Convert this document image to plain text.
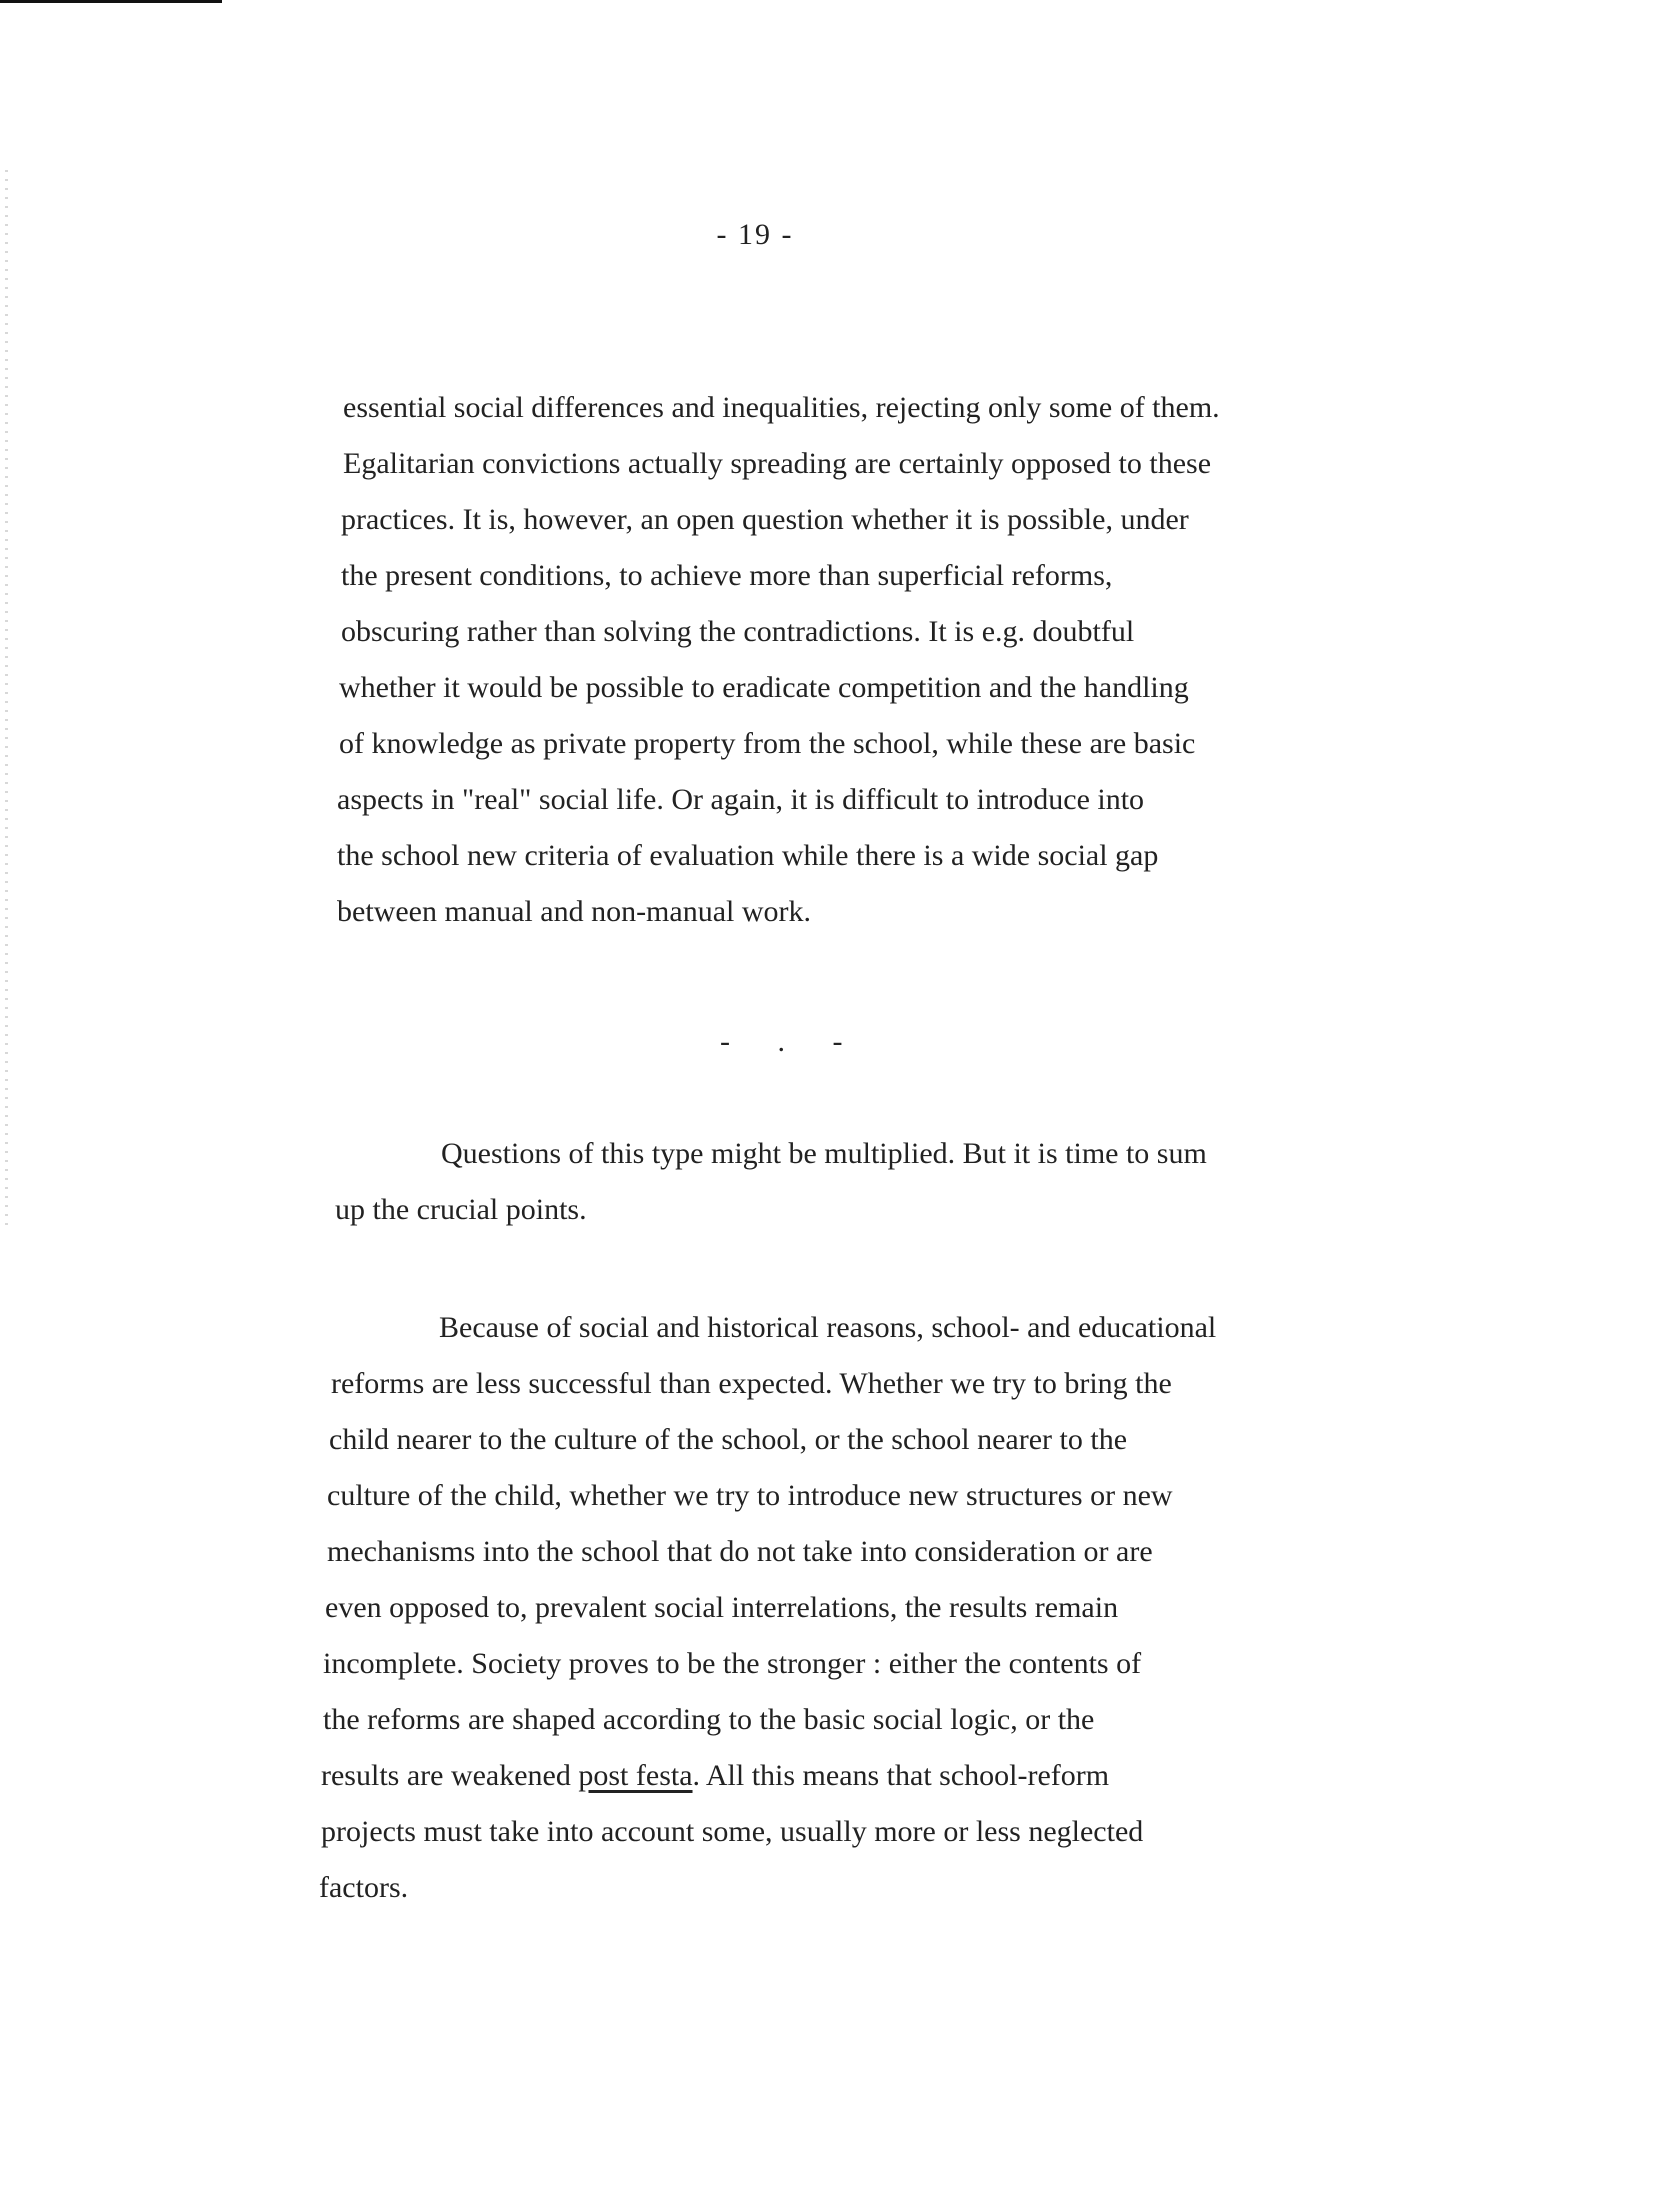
- 19 -
essential social differences and inequalities, rejecting only some of them.
Egalitarian convictions actually spreading are certainly opposed to these
practices. It is, however, an open question whether it is possible, under
the present conditions, to achieve more than superficial reforms,
obscuring rather than solving the contradictions. It is e.g. doubtful
whether it would be possible to eradicate competition and the handling
of knowledge as private property from the school, while these are basic
aspects in "real" social life. Or again, it is difficult to introduce into
the school new criteria of evaluation while there is a wide social gap
between manual and non-manual work.
- . -
Questions of this type might be multiplied. But it is time to sum
up the crucial points.
Because of social and historical reasons, school- and educational
reforms are less successful than expected. Whether we try to bring the
child nearer to the culture of the school, or the school nearer to the
culture of the child, whether we try to introduce new structures or new
mechanisms into the school that do not take into consideration or are
even opposed to, prevalent social interrelations, the results remain
incomplete. Society proves to be the stronger : either the contents of
the reforms are shaped according to the basic social logic, or the
results are weakened post festa. All this means that school-reform
projects must take into account some, usually more or less neglected
factors.
